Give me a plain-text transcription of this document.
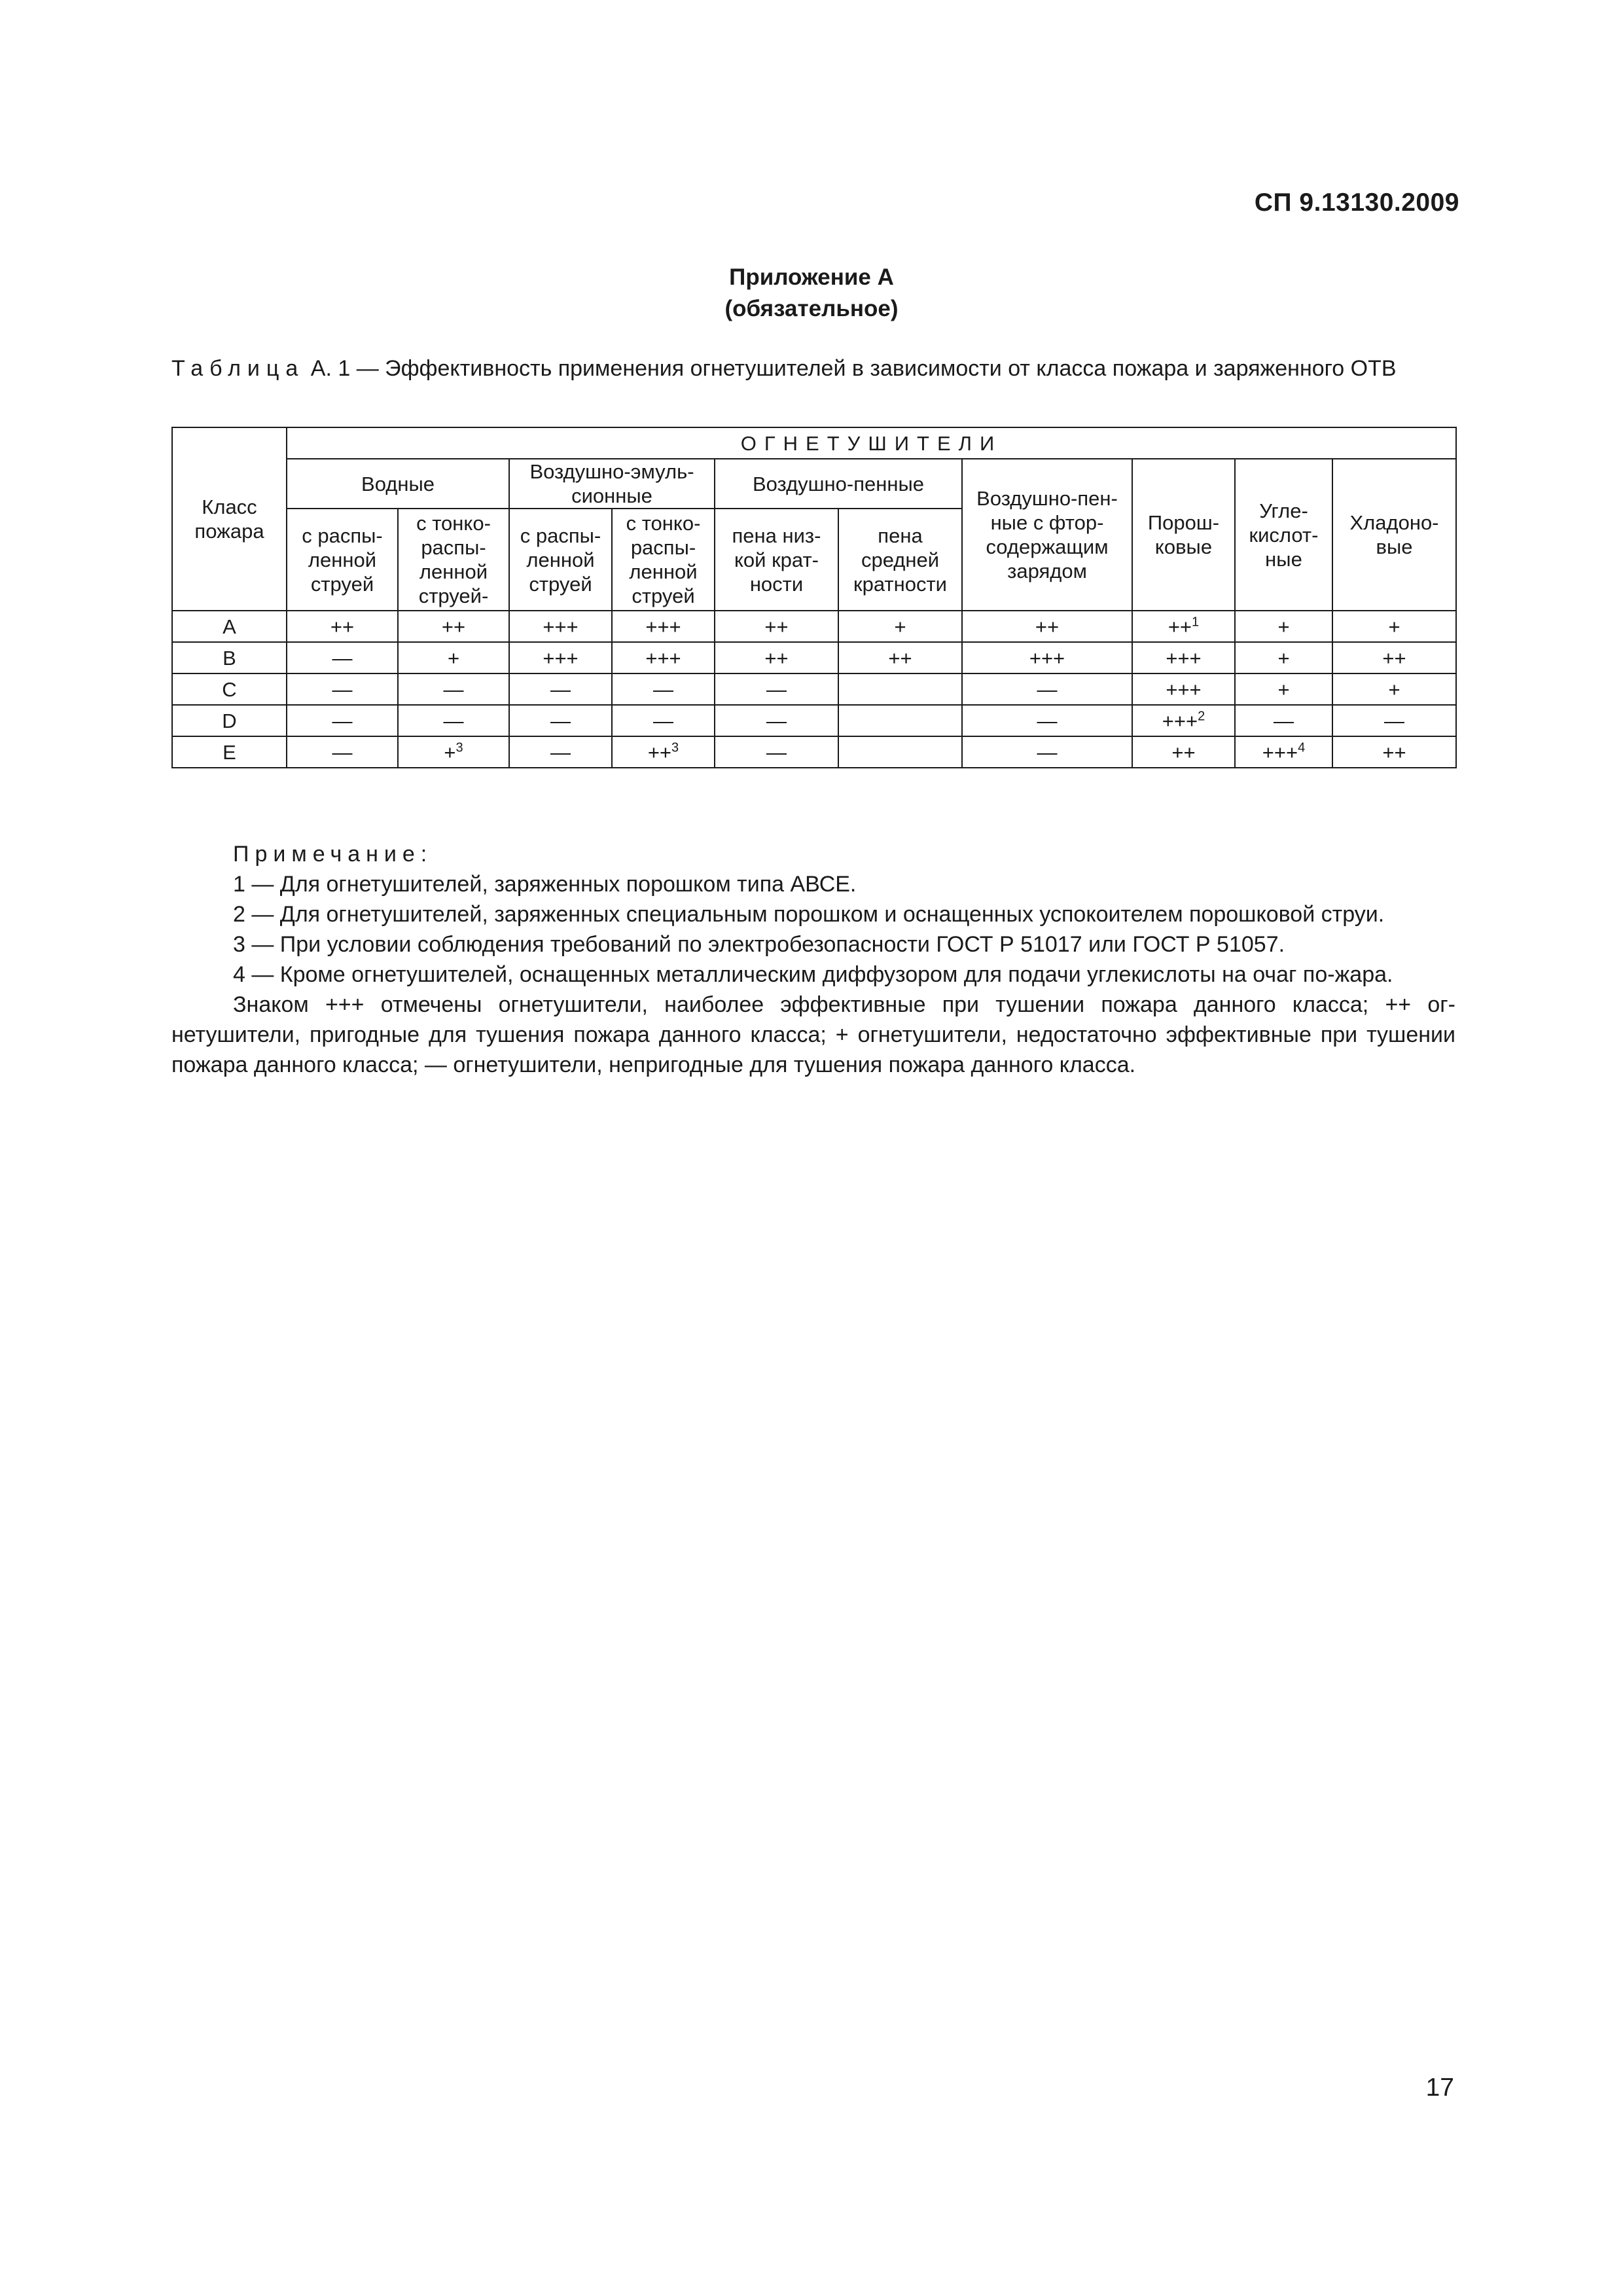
СП 9.13130.2009
Приложение А
(обязательное)
Таблица А. 1 — Эффективность применения огнетушителей в зависимости от класса пожара и заряженного ОТВ
Класс пожара	ОГНЕТУШИТЕЛИ									
	Водные		Воздушно-эмуль-сионные		Воздушно-пенные		Воздушно-пен-ные с фтор-содержащим зарядом	Порош-ковые	Угле-кислот-ные	Хладоно-вые
	с распы-ленной струей	с тонко-распы-ленной струей-	с распы-ленной струей	с тонко-распы-ленной струей	пена низ-кой крат-ности	пена средней кратности				
A	++	++	+++	+++	++	+	++	++$^1$	+	+
B	—	+	+++	+++	++	++	+++	+++	+	++
C	—	—	—	—	—		—	+++	+	+
D	—	—	—	—	—		—	+++$^2$	—	—
E	—	+$^3$	—	++$^3$	—		—	++	+++$^4$	++

Примечание:

1 — Для огнетушителей, заряженных порошком типа АВСЕ.

2 — Для огнетушителей, заряженных специальным порошком и оснащенных успокоителем порошковой струи.

3 — При условии соблюдения требований по электробезопасности ГОСТ Р 51017 или ГОСТ Р 51057.

4 — Кроме огнетушителей, оснащенных металлическим диффузором для подачи углекислоты на очаг по-жара.

Знаком +++ отмечены огнетушители, наиболее эффективные при тушении пожара данного класса; ++ ог-нетушители, пригодные для тушения пожара данного класса; + огнетушители, недостаточно эффективные при тушении пожара данного класса; — огнетушители, непригодные для тушения пожара данного класса.

17
